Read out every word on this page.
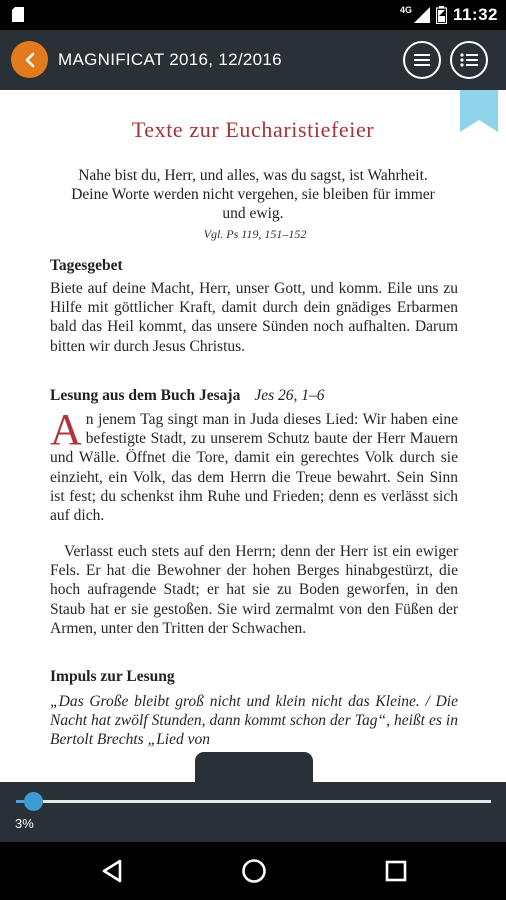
4G 11:32
MAGNIFICAT 2016, 12/2016
Texte zur Eucharistiefeier
Nahe bist du, Herr, und alles, was du sagst, ist Wahrheit. Deine Worte werden nicht vergehen, sie bleiben für immer und ewig.
Vgl. Ps 119, 151–152
Tagesgebet
Biete auf deine Macht, Herr, unser Gott, und komm. Eile uns zu Hilfe mit göttlicher Kraft, damit durch dein gnädiges Erbarmen bald das Heil kommt, das unsere Sünden noch aufhalten. Darum bitten wir durch Jesus Christus.
Lesung aus dem Buch Jesaja Jes 26, 1–6
An jenem Tag singt man in Juda dieses Lied: Wir haben eine befestigte Stadt, zu unserem Schutz baute der Herr Mauern und Wälle. Öffnet die Tore, damit ein gerechtes Volk durch sie einzieht, ein Volk, das dem Herrn die Treue bewahrt. Sein Sinn ist fest; du schenkst ihm Ruhe und Frieden; denn es verlässt sich auf dich.
Verlasst euch stets auf den Herrn; denn der Herr ist ein ewiger Fels. Er hat die Bewohner der hohen Berges hinabgestürzt, die hoch aufragende Stadt; er hat sie zu Boden geworfen, in den Staub hat er sie gestoßen. Sie wird zermalmt von den Füßen der Armen, unter den Tritten der Schwachen.
Impuls zur Lesung
„Das Große bleibt groß nicht und klein nicht das Kleine. / Die Nacht hat zwölf Stunden, dann kommt schon der Tag“, heißt es in Bertolt Brechts „Lied von
3%
